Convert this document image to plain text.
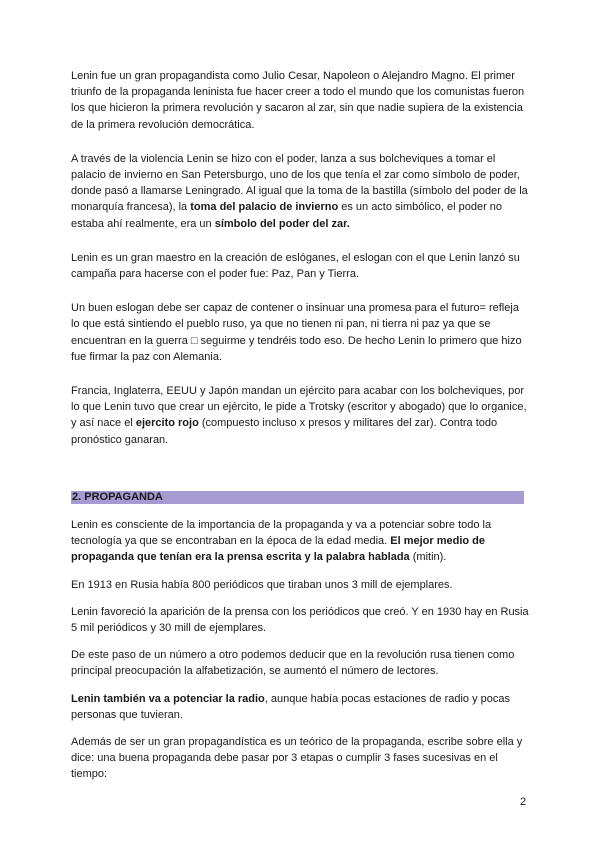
Lenin fue un gran propagandista como Julio Cesar, Napoleon o Alejandro Magno. El primer triunfo de la propaganda leninista fue hacer creer a todo el mundo que los comunistas fueron los que hicieron la primera revolución y sacaron al zar, sin que nadie supiera de la existencia de la primera revolución democrática.

A través de la violencia Lenin se hizo con el poder, lanza a sus bolcheviques a tomar el palacio de invierno en San Petersburgo, uno de los que tenía el zar como símbolo de poder, donde pasó a llamarse Leningrado. Al igual que la toma de la bastilla (símbolo del poder de la monarquía francesa), la toma del palacio de invierno es un acto simbólico, el poder no estaba ahí realmente, era un símbolo del poder del zar.

Lenin es un gran maestro en la creación de eslóganes, el eslogan con el que Lenin lanzó su campaña para hacerse con el poder fue: Paz, Pan y Tierra.

Un buen eslogan debe ser capaz de contener o insinuar una promesa para el futuro= refleja lo que está sintiendo el pueblo ruso, ya que no tienen ni pan, ni tierra ni paz ya que se encuentran en la guerra □ seguirme y tendréis todo eso. De hecho Lenin lo primero que hizo fue firmar la paz con Alemania.

Francia, Inglaterra, EEUU y Japón mandan un ejército para acabar con los bolcheviques, por lo que Lenin tuvo que crear un ejército, le pide a Trotsky (escritor y abogado) que lo organice, y así nace el ejercito rojo (compuesto incluso x presos y militares del zar). Contra todo pronóstico ganaran.

2. PROPAGANDA

Lenin es consciente de la importancia de la propaganda y va a potenciar sobre todo la tecnología ya que se encontraban en la época de la edad media. El mejor medio de propaganda que tenían era la prensa escrita y la palabra hablada (mitin).

En 1913 en Rusia había 800 periódicos que tiraban unos 3 mill de ejemplares.

Lenin favoreció la aparición de la prensa con los periódicos que creó. Y en 1930 hay en Rusia 5 mil periódicos y 30 mill de ejemplares.

De este paso de un número a otro podemos deducir que en la revolución rusa tienen como principal preocupación la alfabetización, se aumentó el número de lectores.

Lenin también va a potenciar la radio, aunque había pocas estaciones de radio y pocas personas que tuvieran.

Además de ser un gran propagandística es un teórico de la propaganda, escribe sobre ella y dice: una buena propaganda debe pasar por 3 etapas o cumplir 3 fases sucesivas en el tiempo:

2
